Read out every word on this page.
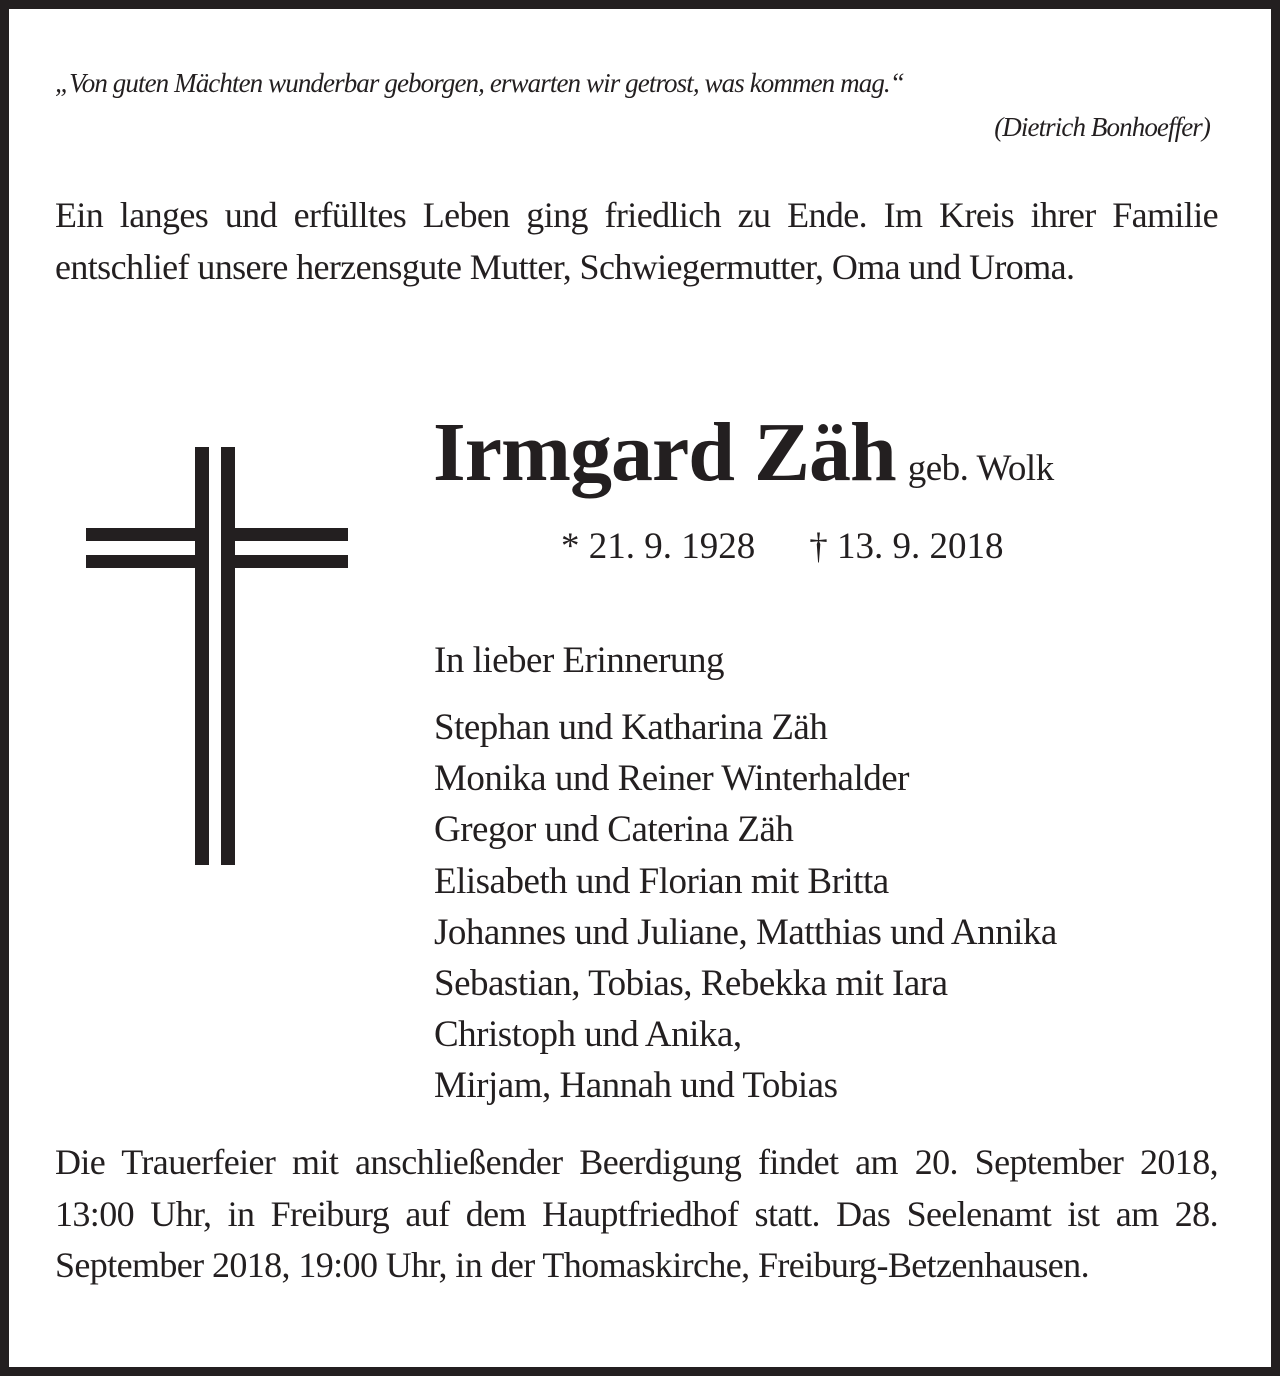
„Von guten Mächten wunderbar geborgen, erwarten wir getrost, was kommen mag.“
(Dietrich Bonhoeffer)
Ein langes und erfülltes Leben ging friedlich zu Ende. Im Kreis ihrer Familie entschlief unsere herzensgute Mutter, Schwiegermutter, Oma und Uroma.
Irmgard Zäh geb. Wolk
* 21. 9. 1928 † 13. 9. 2018
In lieber Erinnerung
Stephan und Katharina Zäh
Monika und Reiner Winterhalder
Gregor und Caterina Zäh
Elisabeth und Florian mit Britta
Johannes und Juliane, Matthias und Annika
Sebastian, Tobias, Rebekka mit Iara
Christoph und Anika,
Mirjam, Hannah und Tobias
Die Trauerfeier mit anschließender Beerdigung findet am 20. September 2018, 13:00 Uhr, in Freiburg auf dem Hauptfriedhof statt. Das Seelenamt ist am 28. September 2018, 19:00 Uhr, in der Thomaskirche, Freiburg-Betzenhausen.
